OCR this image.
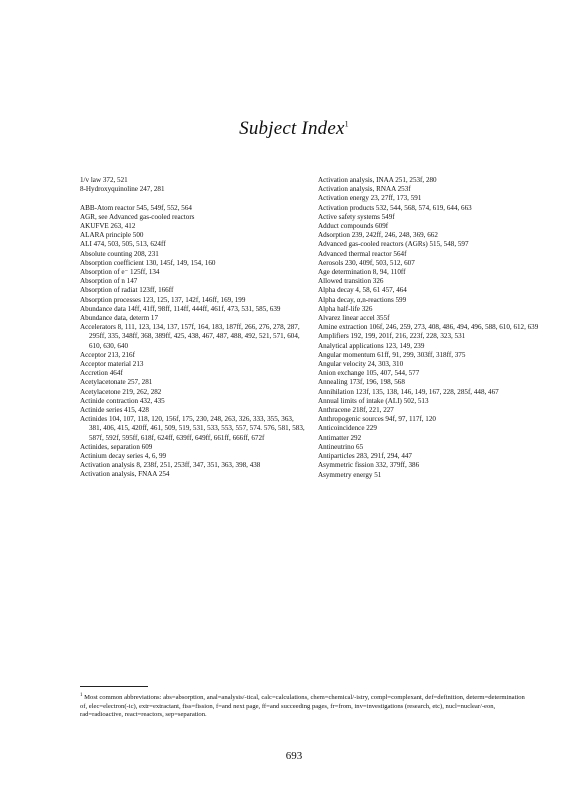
Subject Index$^1$
1/v law 372, 521
8-Hydroxyquinoline 247, 281
ABB-Atom reactor 545, 549f, 552, 564
AGR, see Advanced gas-cooled reactors
AKUFVE 263, 412
ALARA principle 500
ALI 474, 503, 505, 513, 624ff
Absolute counting 208, 231
Absorption coefficient 130, 145f, 149, 154, 160
Absorption of e⁻ 125ff, 134
Absorption of n 147
Absorption of radiat 123ff, 166ff
Absorption processes 123, 125, 137, 142f, 146ff, 169, 199
Abundance data 14ff, 41ff, 98ff, 114ff, 444ff, 461f, 473, 531, 585, 639
Abundance data, determ 17
Accelerators 8, 111, 123, 134, 137, 157f, 164, 183, 187ff, 266, 276, 278, 287, 295ff, 335, 348ff, 368, 389ff, 425, 438, 467, 487, 488, 492, 521, 571, 604, 610, 630, 640
Acceptor 213, 216f
Acceptor material 213
Accretion 464f
Acetylacetonate 257, 281
Acetylacetone 219, 262, 282
Actinide contraction 432, 435
Actinide series 415, 428
Actinides 104, 107, 118, 120, 156f, 175, 230, 248, 263, 326, 333, 355, 363, 381, 406, 415, 420ff, 461, 509, 519, 531, 533, 553, 557, 574. 576, 581, 583, 587f, 592f, 595ff, 618f, 624ff, 639ff, 649ff, 661ff, 666ff, 672f
Actinides, separation 609
Actinium decay series 4, 6, 99
Activation analysis 8, 238f, 251, 253ff, 347, 351, 363, 398, 438
Activation analysis, FNAA 254
Activation analysis, INAA 251, 253f, 280
Activation analysis, RNAA 253f
Activation energy 23, 27ff, 173, 591
Activation products 532, 544, 568, 574, 619, 644, 663
Active safety systems 549f
Adduct compounds 609f
Adsorption 239, 242ff, 246, 248, 369, 662
Advanced gas-cooled reactors (AGRs) 515, 548, 597
Advanced thermal reactor 564f
Aerosols 230, 409f, 503, 512, 607
Age determination 8, 94, 110ff
Allowed transition 326
Alpha decay 4, 58, 61 457, 464
Alpha decay, α,n-reactions 599
Alpha half-life 326
Alvarez linear accel 355f
Amine extraction 106f, 246, 259, 273, 408, 486, 494, 496, 588, 610, 612, 639
Amplifiers 192, 199, 201f, 216, 223f, 228, 323, 531
Analytical applications 123, 149, 239
Angular momentum 61ff, 91, 299, 303ff, 318ff, 375
Angular velocity 24, 303, 310
Anion exchange 105, 407, 544, 577
Annealing 173f, 196, 198, 568
Annihilation 123f, 135, 138, 146, 149, 167, 228, 285f, 448, 467
Annual limits of intake (ALI) 502, 513
Anthracene 218f, 221, 227
Anthropogenic sources 94f, 97, 117f, 120
Anticoincidence 229
Antimatter 292
Antineutrino 65
Antiparticles 283, 291f, 294, 447
Asymmetric fission 332, 379ff, 386
Asymmetry energy 51
$^1$ Most common abbreviations: abs=absorption, anal=analysis/-tical, calc=calculations, chem=chemical/-istry, compl=complexant, def=definition, determ=determination of, elec=electron(-ic), extr=extractant, fiss=fission, f=and next page, ff=and succeeding pages, fr=from, inv=investigations (research, etc), nucl=nuclear/-eon, rad=radioactive, react=reactors, sep=separation.
693
